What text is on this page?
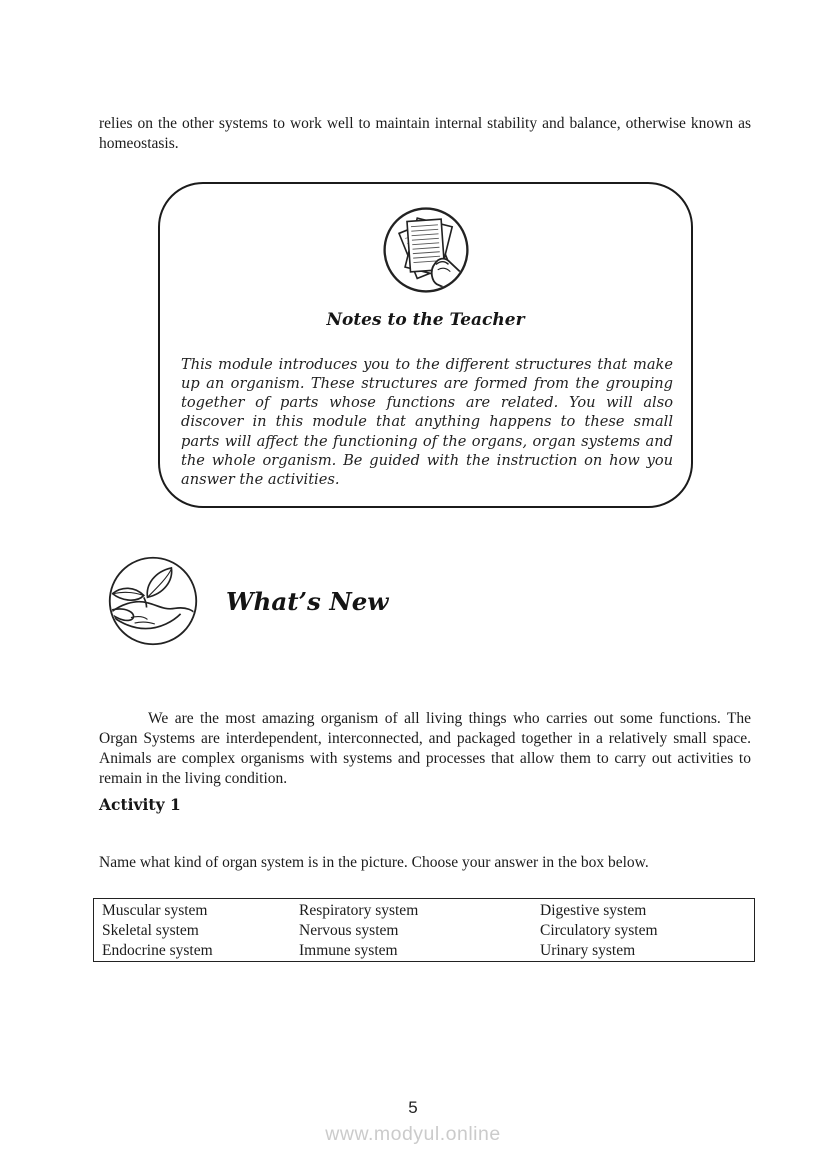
relies on the other systems to work well to maintain internal stability and balance, otherwise known as homeostasis.

Notes to the Teacher

This module introduces you to the different structures that make up an organism. These structures are formed from the grouping together of parts whose functions are related. You will also discover in this module that anything happens to these small parts will affect the functioning of the organs, organ systems and the whole organism. Be guided with the instruction on how you answer the activities.

What’s New

We are the most amazing organism of all living things who carries out some functions. The Organ Systems are interdependent, interconnected, and packaged together in a relatively small space. Animals are complex organisms with systems and processes that allow them to carry out activities to remain in the living condition.

Activity 1

Name what kind of organ system is in the picture. Choose your answer in the box below.

Muscular system	Respiratory system	Digestive system
Skeletal system	Nervous system	Circulatory system
Endocrine system	Immune system	Urinary system
5
www.modyul.online
